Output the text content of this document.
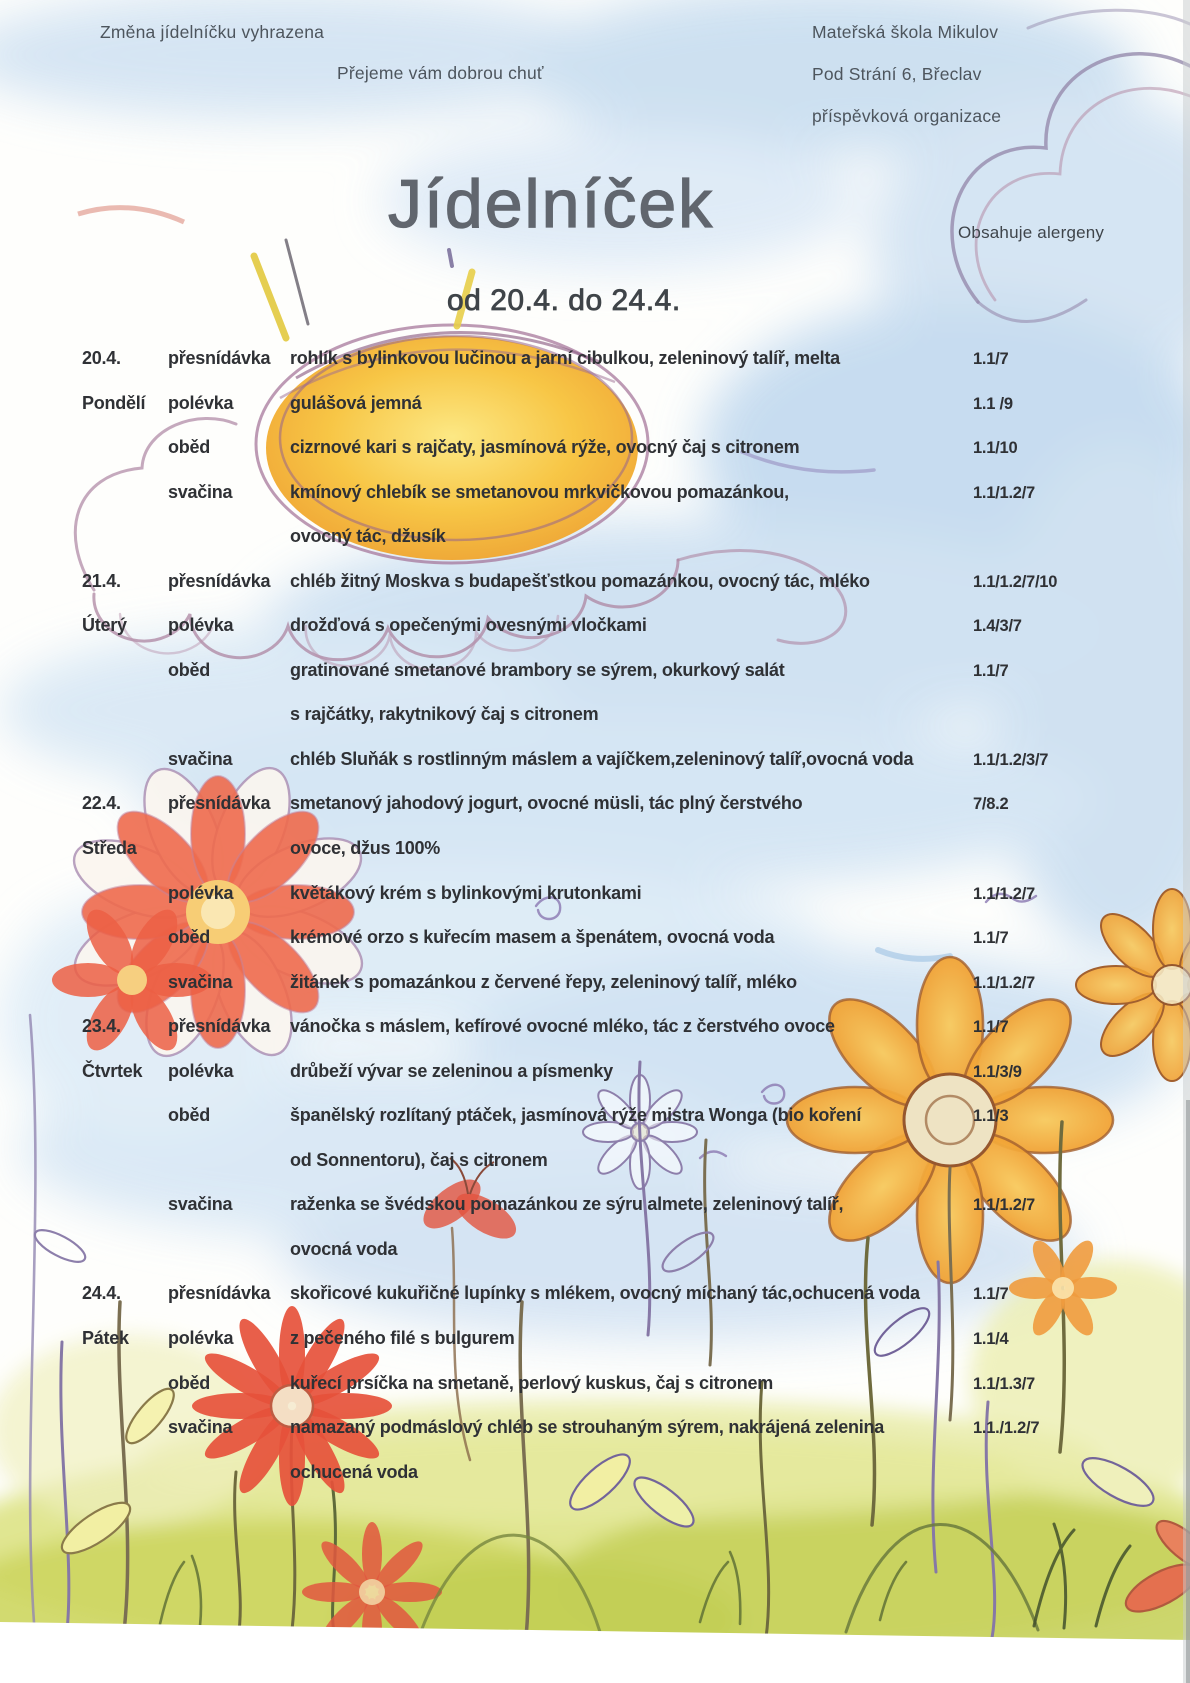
Změna jídelníčku vyhrazena
Přejeme vám dobrou chuť
Mateřská škola Mikulov
Pod Strání 6, Břeclav
příspěvková organizace
Obsahuje alergeny
Jídelníček
od 20.4. do 24.4.
20.4.	přesnídávka rohlík s bylinkovou lučinou a jarní cibulkou, zeleninový talíř, melta	1.1/7
Pondělí polévka	gulášová jemná	1.1 /9
oběd	cizrnové kari s rajčaty, jasmínová rýže, ovocný čaj s citronem	1.1/10
svačina	kmínový chlebík se smetanovou mrkvičkovou pomazánkou,	1.1/1.2/7
ovocný tác, džusík
21.4.	přesnídávka chléb žitný Moskva s budapešťstkou pomazánkou, ovocný tác, mléko	1.1/1.2/7/10
Úterý polévka	drožďová s opečenými ovesnými vločkami	1.4/3/7
oběd	gratinované smetanové brambory se sýrem, okurkový salát	1.1/7
s rajčátky, rakytnikový čaj s citronem
svačina	chléb Sluňák s rostlinným máslem a vajíčkem,zeleninový talíř,ovocná voda	1.1/1.2/3/7
22.4.	přesnídávka smetanový jahodový jogurt, ovocné müsli, tác plný čerstvého	7/8.2
Středa	ovoce, džus 100%
polévka	květákový krém s bylinkovými krutonkami	1.1/1.2/7
oběd	krémové orzo s kuřecím masem a špenátem, ovocná voda	1.1/7
svačina	žitánek s pomazánkou z červené řepy, zeleninový talíř, mléko	1.1/1.2/7
23.4.	přesnídávka vánočka s máslem, kefírové ovocné mléko, tác z čerstvého ovoce	1.1/7
Čtvrtek polévka	drůbeží vývar se zeleninou a písmenky	1.1/3/9
oběd	španělský rozlítaný ptáček, jasmínová rýže mistra Wonga (bio koření	1.1/3
od Sonnentoru), čaj s citronem
svačina	raženka se švédskou pomazánkou ze sýru almete, zeleninový talíř,	1.1/1.2/7
ovocná voda
24.4.	přesnídávka skořicové kukuřičné lupínky s mlékem, ovocný míchaný tác,ochucená voda	1.1/7
Pátek polévka	z pečeného filé s bulgurem	1.1/4
oběd	kuřecí prsíčka na smetaně, perlový kuskus, čaj s citronem	1.1/1.3/7
svačina	namazaný podmáslový chléb se strouhaným sýrem, nakrájená zelenina	1.1./1.2/7
ochucená voda
